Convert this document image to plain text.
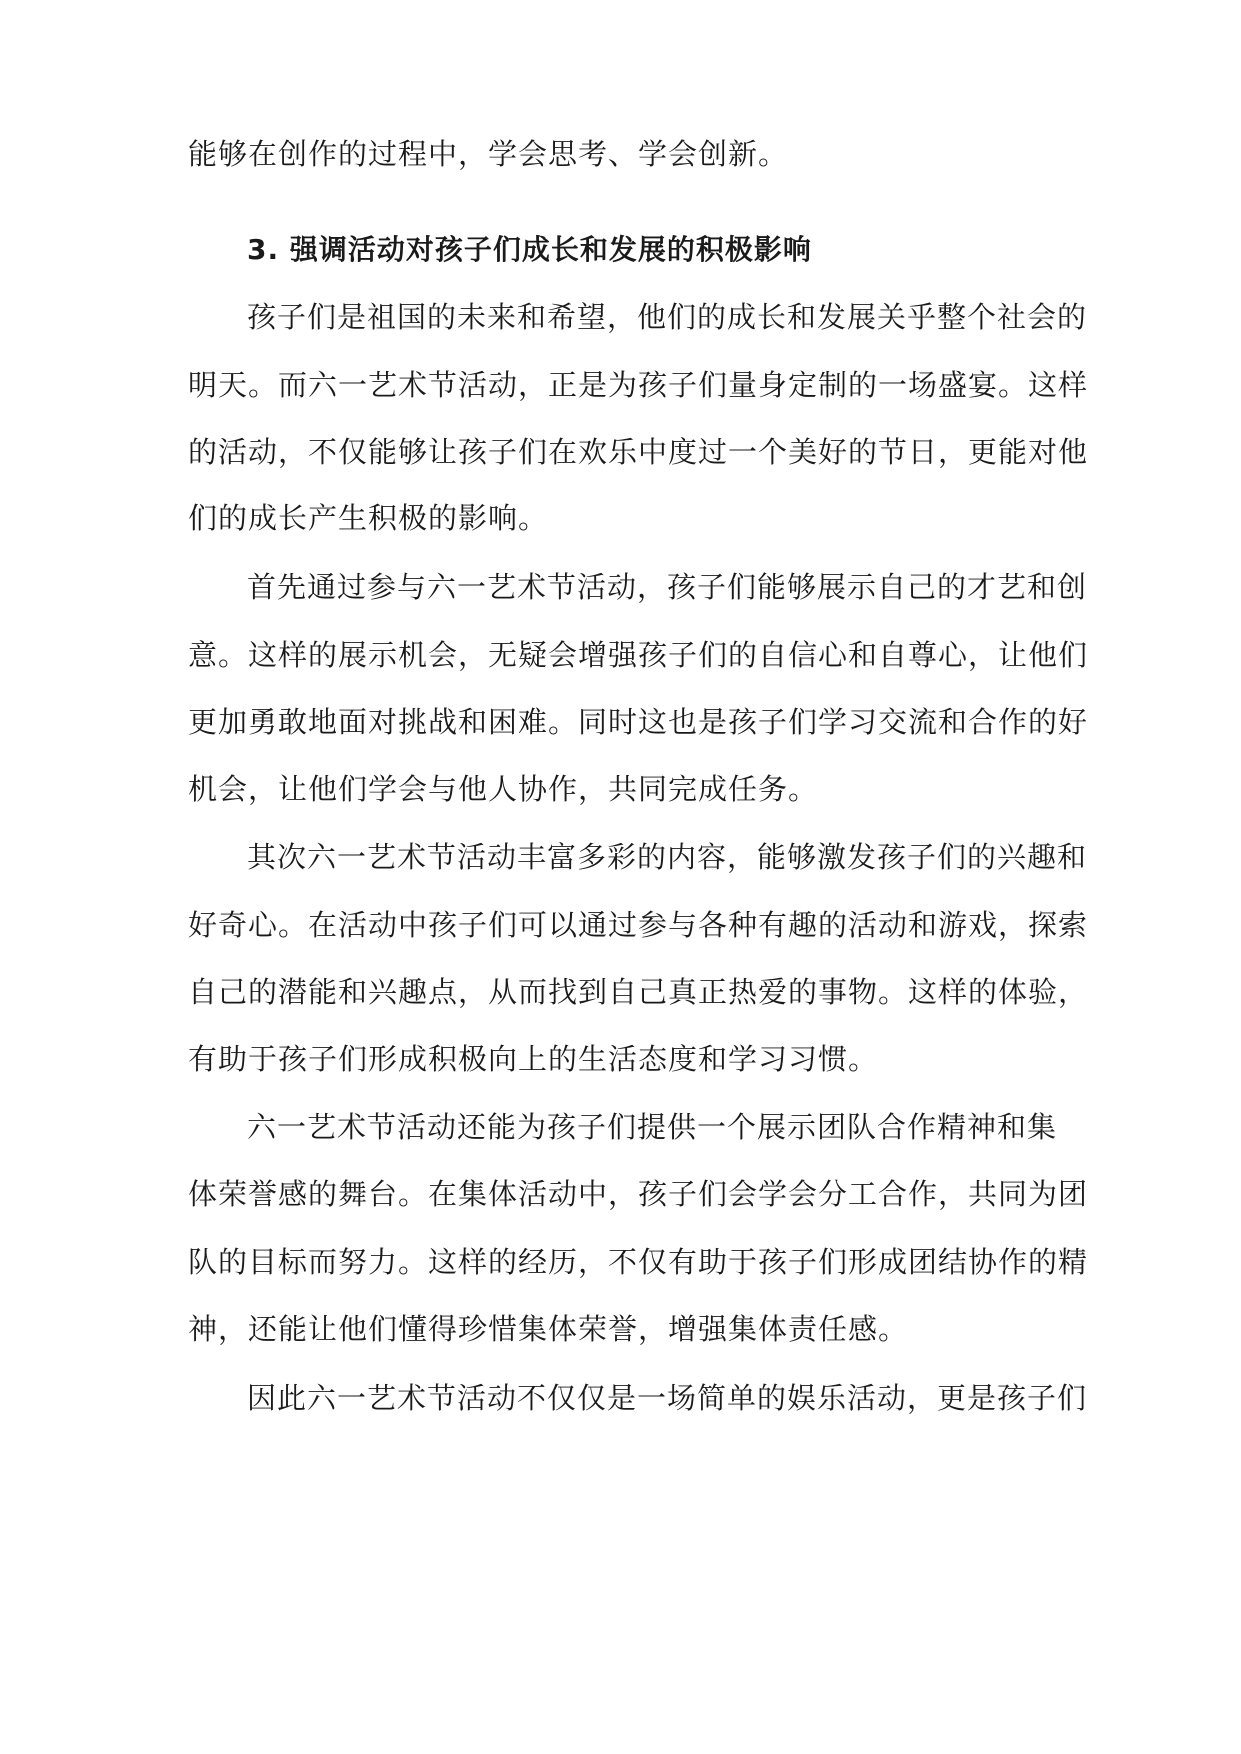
能够在创作的过程中，学会思考、学会创新。
3. 强调活动对孩子们成长和发展的积极影响
孩子们是祖国的未来和希望，他们的成长和发展关乎整个社会的
明天。而六一艺术节活动，正是为孩子们量身定制的一场盛宴。这样
的活动，不仅能够让孩子们在欢乐中度过一个美好的节日，更能对他
们的成长产生积极的影响。
首先通过参与六一艺术节活动，孩子们能够展示自己的才艺和创
意。这样的展示机会，无疑会增强孩子们的自信心和自尊心，让他们
更加勇敢地面对挑战和困难。同时这也是孩子们学习交流和合作的好
机会，让他们学会与他人协作，共同完成任务。
其次六一艺术节活动丰富多彩的内容，能够激发孩子们的兴趣和
好奇心。在活动中孩子们可以通过参与各种有趣的活动和游戏，探索
自己的潜能和兴趣点，从而找到自己真正热爱的事物。这样的体验，
有助于孩子们形成积极向上的生活态度和学习习惯。
六一艺术节活动还能为孩子们提供一个展示团队合作精神和集
体荣誉感的舞台。在集体活动中，孩子们会学会分工合作，共同为团
队的目标而努力。这样的经历，不仅有助于孩子们形成团结协作的精
神，还能让他们懂得珍惜集体荣誉，增强集体责任感。
因此六一艺术节活动不仅仅是一场简单的娱乐活动，更是孩子们
